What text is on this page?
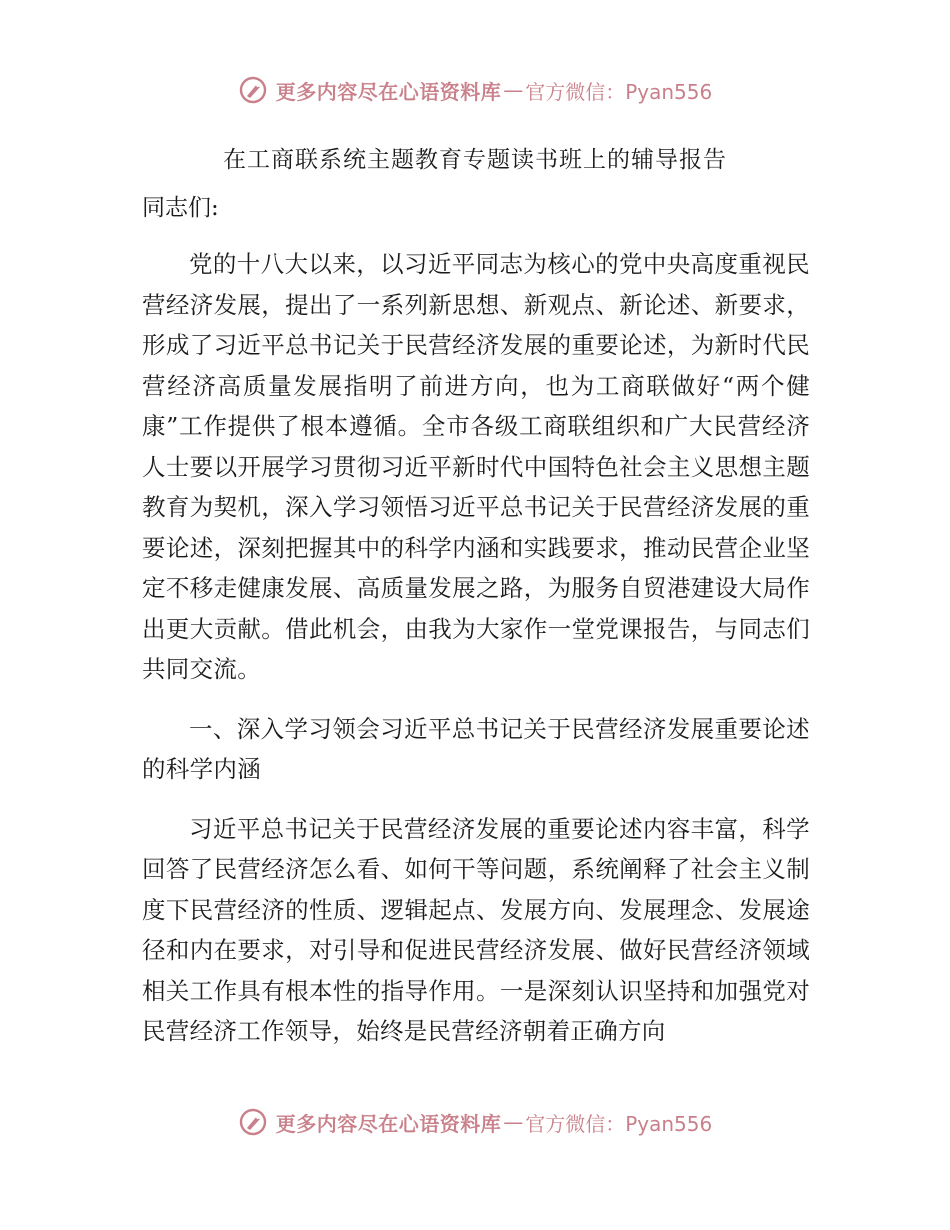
更多内容尽在心语资料库 — 官方微信：Pyan556
在工商联系统主题教育专题读书班上的辅导报告
同志们:

党的十八大以来，以习近平同志为核心的党中央高度重视民营经济发展，提出了一系列新思想、新观点、新论述、新要求，形成了习近平总书记关于民营经济发展的重要论述，为新时代民营经济高质量发展指明了前进方向，也为工商联做好“两个健康”工作提供了根本遵循。全市各级工商联组织和广大民营经济人士要以开展学习贯彻习近平新时代中国特色社会主义思想主题教育为契机，深入学习领悟习近平总书记关于民营经济发展的重要论述，深刻把握其中的科学内涵和实践要求，推动民营企业坚定不移走健康发展、高质量发展之路，为服务自贸港建设大局作出更大贡献。借此机会，由我为大家作一堂党课报告，与同志们共同交流。

一、深入学习领会习近平总书记关于民营经济发展重要论述的科学内涵

习近平总书记关于民营经济发展的重要论述内容丰富，科学回答了民营经济怎么看、如何干等问题，系统阐释了社会主义制度下民营经济的性质、逻辑起点、发展方向、发展理念、发展途径和内在要求，对引导和促进民营经济发展、做好民营经济领域相关工作具有根本性的指导作用。一是深刻认识坚持和加强党对民营经济工作领导，始终是民营经济朝着正确方向

更多内容尽在心语资料库 — 官方微信：Pyan556
